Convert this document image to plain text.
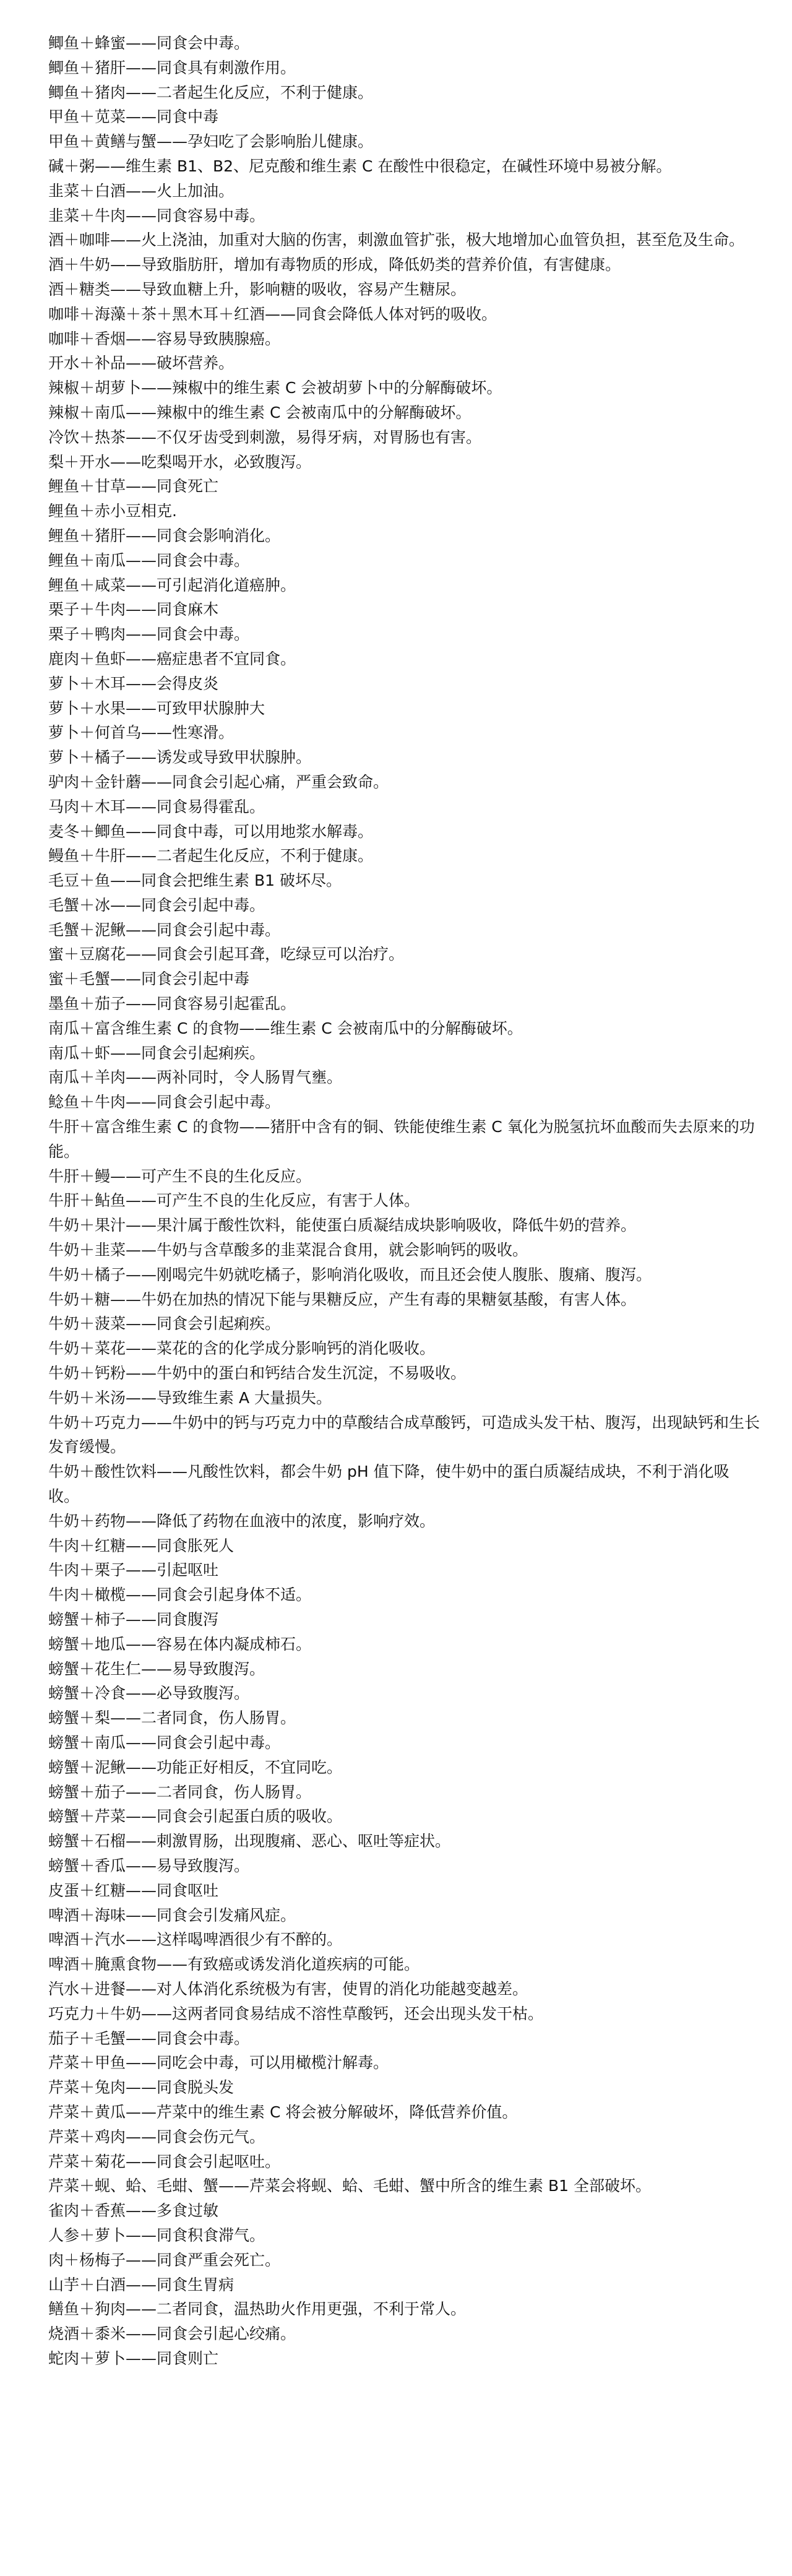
鲫鱼＋蜂蜜——同食会中毒。
鲫鱼＋猪肝——同食具有刺激作用。
鲫鱼＋猪肉——二者起生化反应，不利于健康。
甲鱼＋苋菜——同食中毒
甲鱼＋黄鳝与蟹——孕妇吃了会影响胎儿健康。
碱＋粥——维生素 B1、B2、尼克酸和维生素 C 在酸性中很稳定，在碱性环境中易被分解。
韭菜＋白酒——火上加油。
韭菜＋牛肉——同食容易中毒。
酒＋咖啡——火上浇油，加重对大脑的伤害，刺激血管扩张，极大地增加心血管负担，甚至危及生命。
酒＋牛奶——导致脂肪肝，增加有毒物质的形成，降低奶类的营养价值，有害健康。
酒＋糖类——导致血糖上升，影响糖的吸收，容易产生糖尿。
咖啡＋海藻＋茶＋黑木耳＋红酒——同食会降低人体对钙的吸收。
咖啡＋香烟——容易导致胰腺癌。
开水＋补品——破坏营养。
辣椒＋胡萝卜——辣椒中的维生素 C 会被胡萝卜中的分解酶破坏。
辣椒＋南瓜——辣椒中的维生素 C 会被南瓜中的分解酶破坏。
冷饮＋热茶——不仅牙齿受到刺激，易得牙病，对胃肠也有害。
梨＋开水——吃梨喝开水，必致腹泻。
鲤鱼＋甘草——同食死亡
鲤鱼＋赤小豆相克.
鲤鱼＋猪肝——同食会影响消化。
鲤鱼＋南瓜——同食会中毒。
鲤鱼＋咸菜——可引起消化道癌肿。
栗子＋牛肉——同食麻木
栗子＋鸭肉——同食会中毒。
鹿肉＋鱼虾——癌症患者不宜同食。
萝卜＋木耳——会得皮炎
萝卜＋水果——可致甲状腺肿大
萝卜＋何首乌——性寒滑。
萝卜＋橘子——诱发或导致甲状腺肿。
驴肉＋金针蘑——同食会引起心痛，严重会致命。
马肉＋木耳——同食易得霍乱。
麦冬＋鲫鱼——同食中毒，可以用地浆水解毒。
鳗鱼＋牛肝——二者起生化反应，不利于健康。
毛豆＋鱼——同食会把维生素 B1 破坏尽。
毛蟹＋冰——同食会引起中毒。
毛蟹＋泥鳅——同食会引起中毒。
蜜＋豆腐花——同食会引起耳聋，吃绿豆可以治疗。
蜜＋毛蟹——同食会引起中毒
墨鱼＋茄子——同食容易引起霍乱。
南瓜＋富含维生素 C 的食物——维生素 C 会被南瓜中的分解酶破坏。
南瓜＋虾——同食会引起痢疾。
南瓜＋羊肉——两补同时，令人肠胃气壅。
鲶鱼＋牛肉——同食会引起中毒。
牛肝＋富含维生素 C 的食物——猪肝中含有的铜、铁能使维生素 C 氧化为脱氢抗坏血酸而失去原来的功能。
牛肝＋鳗——可产生不良的生化反应。
牛肝＋鲇鱼——可产生不良的生化反应，有害于人体。
牛奶＋果汁——果汁属于酸性饮料，能使蛋白质凝结成块影响吸收，降低牛奶的营养。
牛奶＋韭菜——牛奶与含草酸多的韭菜混合食用，就会影响钙的吸收。
牛奶＋橘子——刚喝完牛奶就吃橘子，影响消化吸收，而且还会使人腹胀、腹痛、腹泻。
牛奶＋糖——牛奶在加热的情况下能与果糖反应，产生有毒的果糖氨基酸，有害人体。
牛奶＋菠菜——同食会引起痢疾。
牛奶＋菜花——菜花的含的化学成分影响钙的消化吸收。
牛奶＋钙粉——牛奶中的蛋白和钙结合发生沉淀，不易吸收。
牛奶＋米汤——导致维生素 A 大量损失。
牛奶＋巧克力——牛奶中的钙与巧克力中的草酸结合成草酸钙，可造成头发干枯、腹泻，出现缺钙和生长发育缓慢。
牛奶＋酸性饮料——凡酸性饮料，都会牛奶 pH 值下降，使牛奶中的蛋白质凝结成块，不利于消化吸收。
牛奶＋药物——降低了药物在血液中的浓度，影响疗效。
牛肉＋红糖——同食胀死人
牛肉＋栗子——引起呕吐
牛肉＋橄榄——同食会引起身体不适。
螃蟹＋柿子——同食腹泻
螃蟹＋地瓜——容易在体内凝成柿石。
螃蟹＋花生仁——易导致腹泻。
螃蟹＋冷食——必导致腹泻。
螃蟹＋梨——二者同食，伤人肠胃。
螃蟹＋南瓜——同食会引起中毒。
螃蟹＋泥鳅——功能正好相反，不宜同吃。
螃蟹＋茄子——二者同食，伤人肠胃。
螃蟹＋芹菜——同食会引起蛋白质的吸收。
螃蟹＋石榴——刺激胃肠，出现腹痛、恶心、呕吐等症状。
螃蟹＋香瓜——易导致腹泻。
皮蛋＋红糖——同食呕吐
啤酒＋海味——同食会引发痛风症。
啤酒＋汽水——这样喝啤酒很少有不醉的。
啤酒＋腌熏食物——有致癌或诱发消化道疾病的可能。
汽水＋进餐——对人体消化系统极为有害，使胃的消化功能越变越差。
巧克力＋牛奶——这两者同食易结成不溶性草酸钙，还会出现头发干枯。
茄子＋毛蟹——同食会中毒。
芹菜＋甲鱼——同吃会中毒，可以用橄榄汁解毒。
芹菜＋兔肉——同食脱头发
芹菜＋黄瓜——芹菜中的维生素 C 将会被分解破坏，降低营养价值。
芹菜＋鸡肉——同食会伤元气。
芹菜＋菊花——同食会引起呕吐。
芹菜＋蚬、蛤、毛蚶、蟹——芹菜会将蚬、蛤、毛蚶、蟹中所含的维生素 B1 全部破坏。
雀肉＋香蕉——多食过敏
人参＋萝卜——同食积食滞气。
肉＋杨梅子——同食严重会死亡。
山芋＋白酒——同食生胃病
鳝鱼＋狗肉——二者同食，温热助火作用更强，不利于常人。
烧酒＋黍米——同食会引起心绞痛。
蛇肉＋萝卜——同食则亡
